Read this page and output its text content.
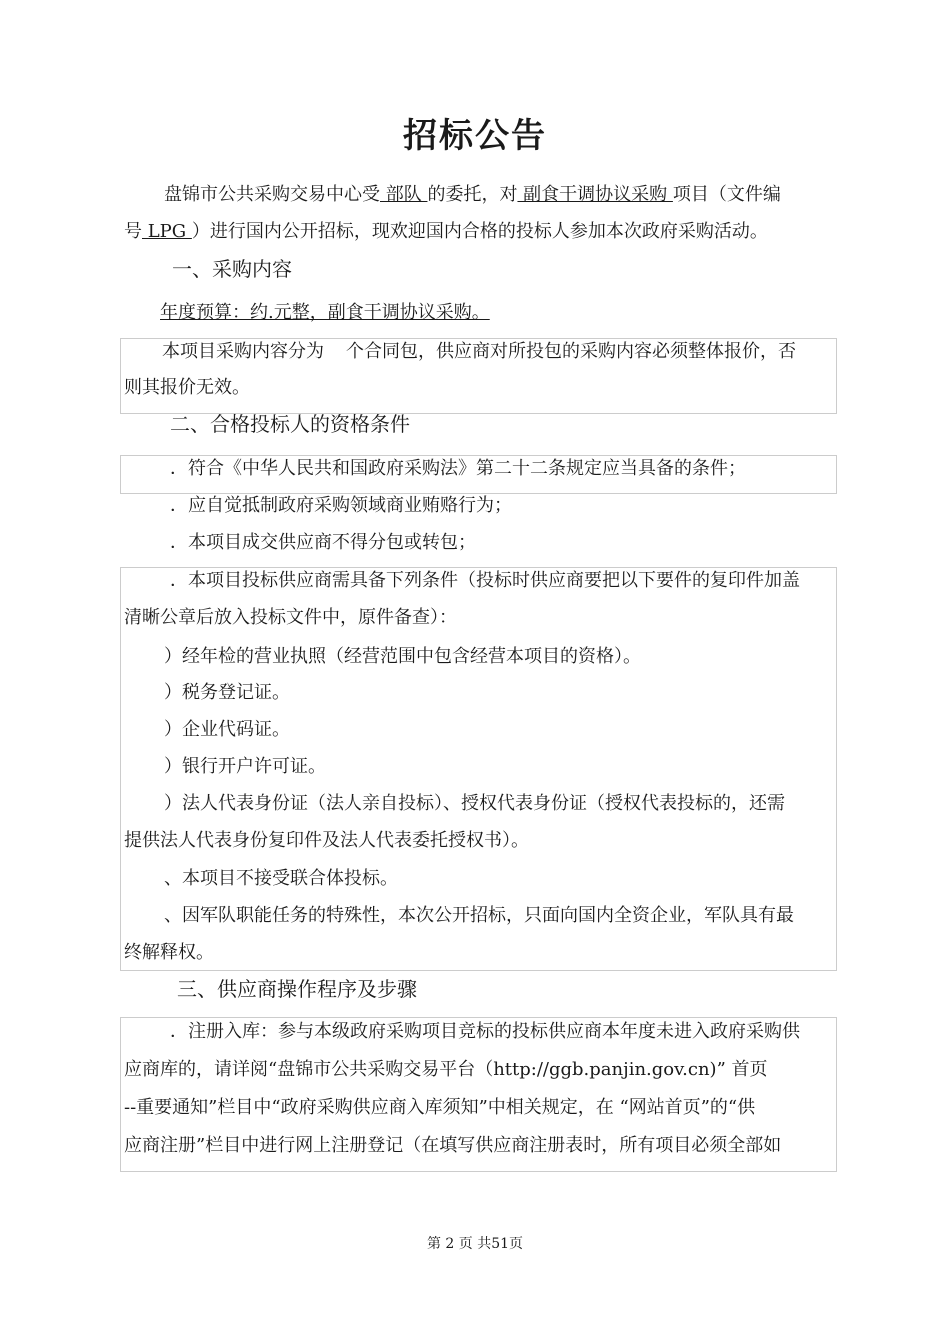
招标公告
盘锦市公共采购交易中心受 部队 的委托，对 副食干调协议采购 项目（文件编
号 LPG ）进行国内公开招标，现欢迎国内合格的投标人参加本次政府采购活动。
一、采购内容
年度预算：约.元整，副食干调协议采购。
本项目采购内容分为 个合同包，供应商对所投包的采购内容必须整体报价，否
则其报价无效。
二、合格投标人的资格条件
．符合《中华人民共和国政府采购法》第二十二条规定应当具备的条件；
．应自觉抵制政府采购领域商业贿赂行为；
．本项目成交供应商不得分包或转包；
．本项目投标供应商需具备下列条件（投标时供应商要把以下要件的复印件加盖
清晰公章后放入投标文件中，原件备查）：
）经年检的营业执照（经营范围中包含经营本项目的资格）。
）税务登记证。
）企业代码证。
）银行开户许可证。
）法人代表身份证（法人亲自投标）、授权代表身份证（授权代表投标的，还需
提供法人代表身份复印件及法人代表委托授权书）。
、本项目不接受联合体投标。
、因军队职能任务的特殊性，本次公开招标，只面向国内全资企业，军队具有最
终解释权。
三、供应商操作程序及步骤
．注册入库：参与本级政府采购项目竞标的投标供应商本年度未进入政府采购供
应商库的，请详阅“盘锦市公共采购交易平台（http://ggb.panjin.gov.cn)” 首页
--重要通知”栏目中“政府采购供应商入库须知”中相关规定，在 “网站首页”的“供
应商注册”栏目中进行网上注册登记（在填写供应商注册表时，所有项目必须全部如
第 2 页 共51页
